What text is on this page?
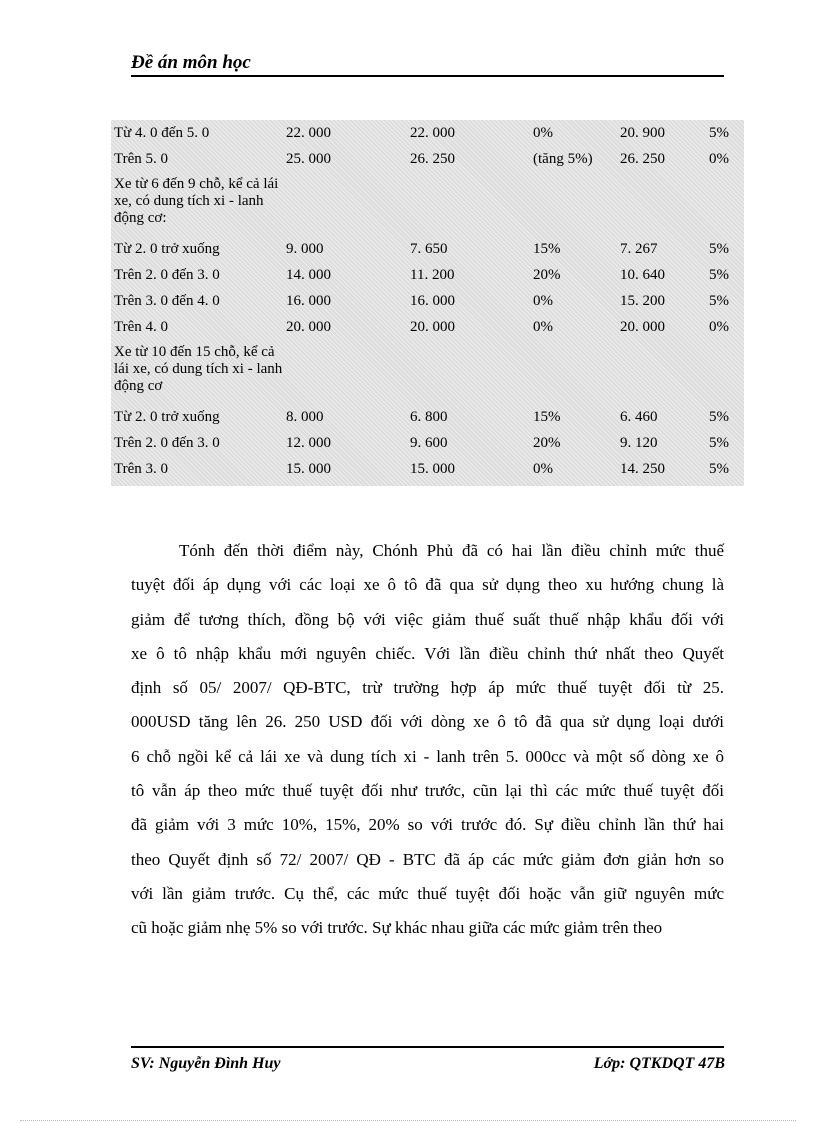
Đề án môn học
Từ 4. 0 đến 5. 0	22. 000	22. 000	0%	20. 900	5%
Trên 5. 0	25. 000	26. 250	(tăng 5%)	26. 250	0%
Xe từ 6 đến 9 chỗ, kể cả lái xe, có dung tích xi - lanh động cơ:					
Từ 2. 0 trở xuống	9. 000	7. 650	15%	7. 267	5%
Trên 2. 0 đến 3. 0	14. 000	11. 200	20%	10. 640	5%
Trên 3. 0 đến 4. 0	16. 000	16. 000	0%	15. 200	5%
Trên 4. 0	20. 000	20. 000	0%	20. 000	0%
Xe từ 10 đến 15 chỗ, kể cả lái xe, có dung tích xi - lanh động cơ					
Từ 2. 0 trở xuống	8. 000	6. 800	15%	6. 460	5%
Trên 2. 0 đến 3. 0	12. 000	9. 600	20%	9. 120	5%
Trên 3. 0	15. 000	15. 000	0%	14. 250	5%
Tónh đến thời điểm này, Chónh Phủ đã có hai lần điều chỉnh mức thuế
tuyệt đối áp dụng với các loại xe ô tô đã qua sử dụng theo xu hướng chung là
giảm để tương thích, đồng bộ với việc giảm thuế suất thuế nhập khẩu đối với
xe ô tô nhập khẩu mới nguyên chiếc. Với lần điều chỉnh thứ nhất theo Quyết
định số 05/ 2007/ QĐ-BTC, trừ trường hợp áp mức thuế tuyệt đối từ 25.
000USD tăng lên 26. 250 USD đối với dòng xe ô tô đã qua sử dụng loại dưới
6 chỗ ngồi kể cả lái xe và dung tích xi - lanh trên 5. 000cc và một số dòng xe ô
tô vẫn áp theo mức thuế tuyệt đối như trước, cũn lại thì các mức thuế tuyệt đối
đã giảm với 3 mức 10%, 15%, 20% so với trước đó. Sự điều chỉnh lần thứ hai
theo Quyết định số 72/ 2007/ QĐ - BTC đã áp các mức giảm đơn giản hơn so
với lần giảm trước. Cụ thể, các mức thuế tuyệt đối hoặc vẫn giữ nguyên mức
cũ hoặc giảm nhẹ 5% so với trước. Sự khác nhau giữa các mức giảm trên theo
SV: Nguyễn Đình Huy	Lớp: QTKDQT 47B
